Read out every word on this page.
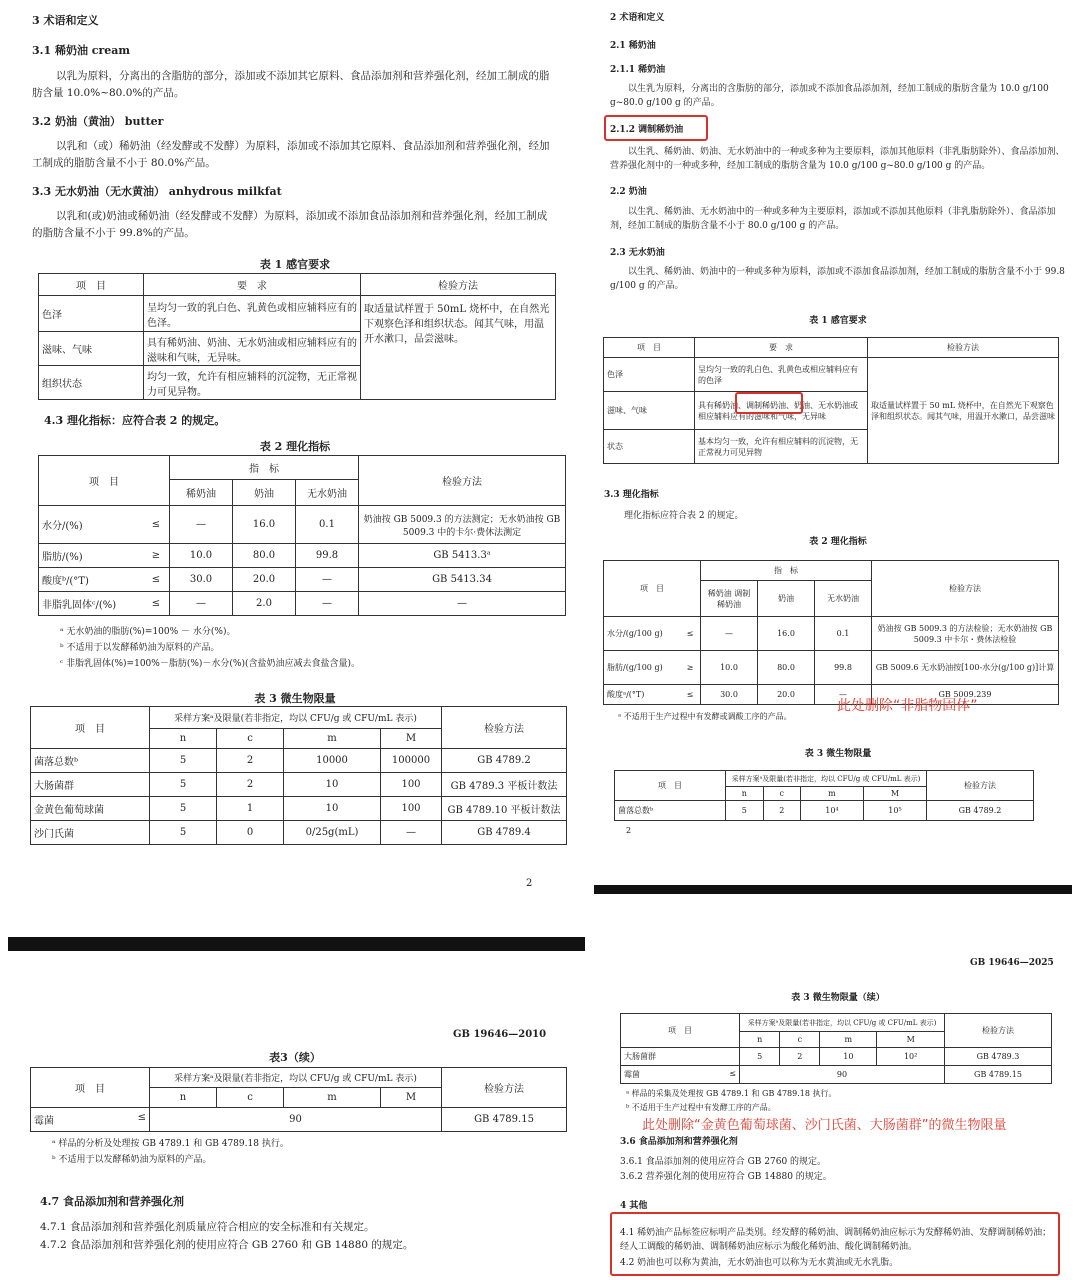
3 术语和定义
3.1 稀奶油 cream
以乳为原料，分离出的含脂肪的部分，添加或不添加其它原料、食品添加剂和营养强化剂，经加工制成的脂肪含量 10.0%~80.0%的产品。
3.2 奶油（黄油） butter
以乳和（或）稀奶油（经发酵或不发酵）为原料，添加或不添加其它原料、食品添加剂和营养强化剂，经加工制成的脂肪含量不小于 80.0%产品。
3.3 无水奶油（无水黄油） anhydrous milkfat
以乳和(或)奶油或稀奶油（经发酵或不发酵）为原料，添加或不添加食品添加剂和营养强化剂，经加工制成的脂肪含量不小于 99.8%的产品。
表 1 感官要求
项　目	要　求	检验方法
色泽	呈均匀一致的乳白色、乳黄色或相应辅料应有的色泽。	取适量试样置于 50mL 烧杯中，在自然光下观察色泽和组织状态。闻其气味，用温开水漱口，品尝滋味。
滋味、气味	具有稀奶油、奶油、无水奶油或相应辅料应有的滋味和气味，无异味。	
组织状态	均匀一致，允许有相应辅料的沉淀物，无正常视力可见异物。	
4.3 理化指标：应符合表 2 的规定。
表 2 理化指标
项　目		指　标			检验方法
		稀奶油	奶油	无水奶油	
水分/(%)	≤	—	16.0	0.1	奶油按 GB 5009.3 的方法测定；无水奶油按 GB 5009.3 中的卡尔·费休法测定
脂肪/(%)	≥	10.0	80.0	99.8	GB 5413.3ᵃ
酸度ᵇ/(°T)	≤	30.0	20.0	—	GB 5413.34
非脂乳固体ᶜ/(%)	≤	—	2.0	—	—
ᵃ 无水奶油的脂肪(%)=100% － 水分(%)。
ᵇ 不适用于以发酵稀奶油为原料的产品。
ᶜ 非脂乳固体(%)=100%－脂肪(%)－水分(%)(含盐奶油应减去食盐含量)。
表 3 微生物限量
项　目	采样方案ᵃ及限量(若非指定，均以 CFU/g 或 CFU/mL 表示)				检验方法
	n	c	m	M	
菌落总数ᵇ	5	2	10000	100000	GB 4789.2
大肠菌群	5	2	10	100	GB 4789.3 平板计数法
金黄色葡萄球菌	5	1	10	100	GB 4789.10 平板计数法
沙门氏菌	5	0	0/25g(mL)	—	GB 4789.4
2
2 术语和定义
2.1 稀奶油
2.1.1 稀奶油
以生乳为原料，分离出的含脂肪的部分，添加或不添加食品添加剂，经加工制成的脂肪含量为 10.0 g/100 g~80.0 g/100 g 的产品。
2.1.2 调制稀奶油
以生乳、稀奶油、奶油、无水奶油中的一种或多种为主要原料，添加其他原料（非乳脂肪除外）、食品添加剂、营养强化剂中的一种或多种，经加工制成的脂肪含量为 10.0 g/100 g~80.0 g/100 g 的产品。
2.2 奶油
以生乳、稀奶油、无水奶油中的一种或多种为主要原料，添加或不添加其他原料（非乳脂肪除外）、食品添加剂，经加工制成的脂肪含量不小于 80.0 g/100 g 的产品。
2.3 无水奶油
以生乳、稀奶油、奶油中的一种或多种为原料，添加或不添加食品添加剂，经加工制成的脂肪含量不小于 99.8 g/100 g 的产品。
表 1 感官要求
项　目	要　求	检验方法
色泽	呈均匀一致的乳白色、乳黄色或相应辅料应有的色泽	取适量试样置于 50 mL 烧杯中，在自然光下观察色泽和组织状态。闻其气味，用温开水漱口，品尝滋味
滋味、气味	具有稀奶油、调制稀奶油、奶油、无水奶油或相应辅料应有的滋味和气味，无异味	
状态	基本均匀一致，允许有相应辅料的沉淀物，无正常视力可见异物	
3.3 理化指标
理化指标应符合表 2 的规定。
表 2 理化指标
项　目		指　标			检验方法
		稀奶油 调制稀奶油	奶油	无水奶油	
水分/(g/100 g)	≤	—	16.0	0.1	奶油按 GB 5009.3 的方法检验；无水奶油按 GB 5009.3 中卡尔・费休法检验
脂肪/(g/100 g)	≥	10.0	80.0	99.8	GB 5009.6 无水奶油按[100-水分(g/100 g)]计算
酸度ᵃ/(°T)	≤	30.0	20.0	—	GB 5009.239
ᵃ 不适用于生产过程中有发酵或调酸工序的产品。
此处删除“非脂物固体”
表 3 微生物限量
项　目	采样方案ᵃ及限量(若非指定，均以 CFU/g 或 CFU/mL 表示)				检验方法
	n	c	m	M	
菌落总数ᵇ	5	2	10⁴	10⁵	GB 4789.2
2
GB 19646—2010
表3（续）
项　目	采样方案ᵃ及限量(若非指定，均以 CFU/g 或 CFU/mL 表示)				检验方法
	n	c	m	M	
霉菌 ≤	90				GB 4789.15
ᵃ 样品的分析及处理按 GB 4789.1 和 GB 4789.18 执行。
ᵇ 不适用于以发酵稀奶油为原料的产品。
4.7 食品添加剂和营养强化剂
4.7.1 食品添加剂和营养强化剂质量应符合相应的安全标准和有关规定。
4.7.2 食品添加剂和营养强化剂的使用应符合 GB 2760 和 GB 14880 的规定。
GB 19646—2025
表 3 微生物限量（续）
项　目	采样方案ᵃ及限量(若非指定，均以 CFU/g 或 CFU/mL 表示)				检验方法
	n	c	m	M	
大肠菌群	5	2	10	10²	GB 4789.3
霉菌 ≤	90				GB 4789.15
ᵃ 样品的采集及处理按 GB 4789.1 和 GB 4789.18 执行。
ᵇ 不适用于生产过程中有发酵工序的产品。
此处删除“金黄色葡萄球菌、沙门氏菌、大肠菌群”的微生物限量
3.6 食品添加剂和营养强化剂
3.6.1 食品添加剂的使用应符合 GB 2760 的规定。
3.6.2 营养强化剂的使用应符合 GB 14880 的规定。
4 其他
4.1 稀奶油产品标签应标明产品类别。经发酵的稀奶油、调制稀奶油应标示为发酵稀奶油、发酵调制稀奶油；经人工调酸的稀奶油、调制稀奶油应标示为酸化稀奶油、酸化调制稀奶油。
4.2 奶油也可以称为黄油，无水奶油也可以称为无水黄油或无水乳脂。
